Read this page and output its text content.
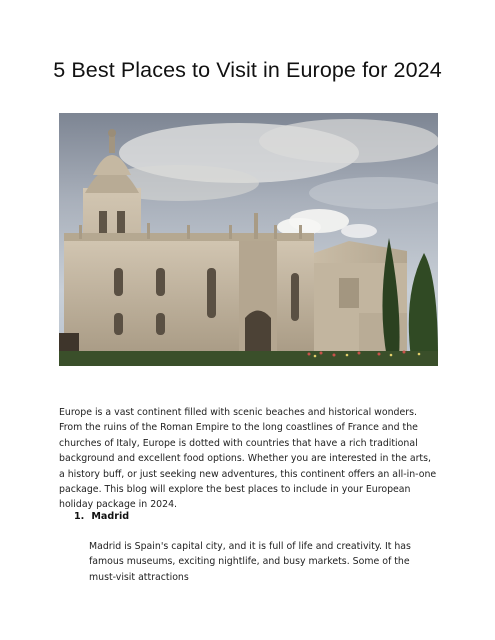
5 Best Places to Visit in Europe for 2024

Europe is a vast continent filled with scenic beaches and historical wonders. From the ruins of the Roman Empire to the long coastlines of France and the churches of Italy, Europe is dotted with countries that have a rich traditional background and excellent food options. Whether you are interested in the arts, a history buff, or just seeking new adventures, this continent offers an all-in-one package. This blog will explore the best places to include in your European holiday package in 2024.

1. Madrid

Madrid is Spain's capital city, and it is full of life and creativity. It has famous museums, exciting nightlife, and busy markets. Some of the must-visit attractions
